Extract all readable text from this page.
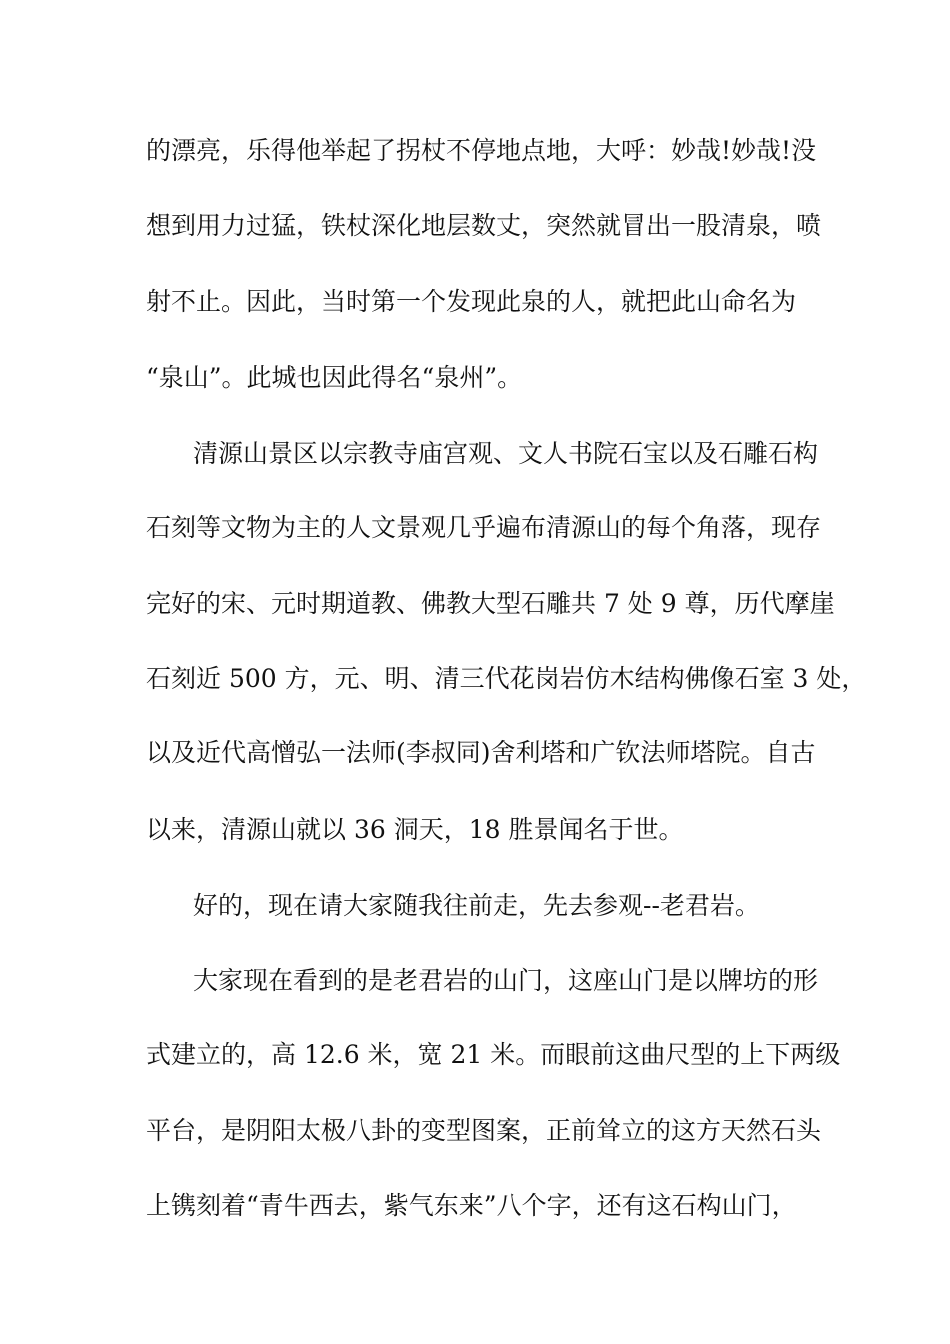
的漂亮，乐得他举起了拐杖不停地点地，大呼：妙哉!妙哉!没
想到用力过猛，铁杖深化地层数丈，突然就冒出一股清泉，喷
射不止。因此，当时第一个发现此泉的人，就把此山命名为
“泉山”。此城也因此得名“泉州”。
清源山景区以宗教寺庙宫观、文人书院石宝以及石雕石构
石刻等文物为主的人文景观几乎遍布清源山的每个角落，现存
完好的宋、元时期道教、佛教大型石雕共 7 处 9 尊，历代摩崖
石刻近 500 方，元、明、清三代花岗岩仿木结构佛像石室 3 处，
以及近代高憎弘一法师(李叔同)舍利塔和广钦法师塔院。自古
以来，清源山就以 36 洞天，18 胜景闻名于世。
好的，现在请大家随我往前走，先去参观--老君岩。
大家现在看到的是老君岩的山门，这座山门是以牌坊的形
式建立的，高 12.6 米，宽 21 米。而眼前这曲尺型的上下两级
平台，是阴阳太极八卦的变型图案，正前耸立的这方天然石头
上镌刻着“青牛西去，紫气东来”八个字，还有这石构山门，
